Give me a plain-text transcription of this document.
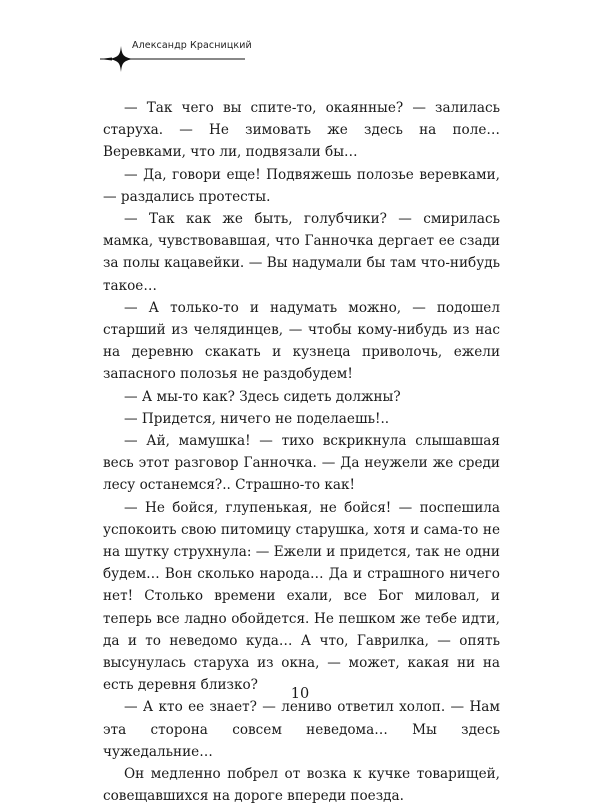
Александр Красницкий

— Так чего вы спите-то, окаянные? — залилась старуха. — Не зимовать же здесь на поле… Веревками, что ли, подвязали бы…

— Да, говори еще! Подвяжешь полозье веревками, — раздались протесты.

— Так как же быть, голубчики? — смирилась мамка, чувствовавшая, что Ганночка дергает ее сзади за полы кацавейки. — Вы надумали бы там что-нибудь такое…

— А только-то и надумать можно, — подошел старший из челядинцев, — чтобы кому-нибудь из нас на деревню скакать и кузнеца приволочь, ежели запасного полозья не раздобудем!

— А мы-то как? Здесь сидеть должны?

— Придется, ничего не поделаешь!..

— Ай, мамушка! — тихо вскрикнула слышавшая весь этот разговор Ганночка. — Да неужели же среди лесу останемся?.. Страшно-то как!

— Не бойся, глупенькая, не бойся! — поспешила успокоить свою питомицу старушка, хотя и сама-то не на шутку струхнула: — Ежели и придется, так не одни будем… Вон сколько народа… Да и страшного ничего нет! Столько времени ехали, все Бог миловал, и теперь все ладно обойдется. Не пешком же тебе идти, да и то неведомо куда… А что, Гаврилка, — опять высунулась старуха из окна, — может, какая ни на есть деревня близко?

— А кто ее знает? — лениво ответил холоп. — Нам эта сторона совсем неведома… Мы здесь чужедальние…

Он медленно побрел от возка к кучке товарищей, совещавшихся на дороге впереди поезда.

10
